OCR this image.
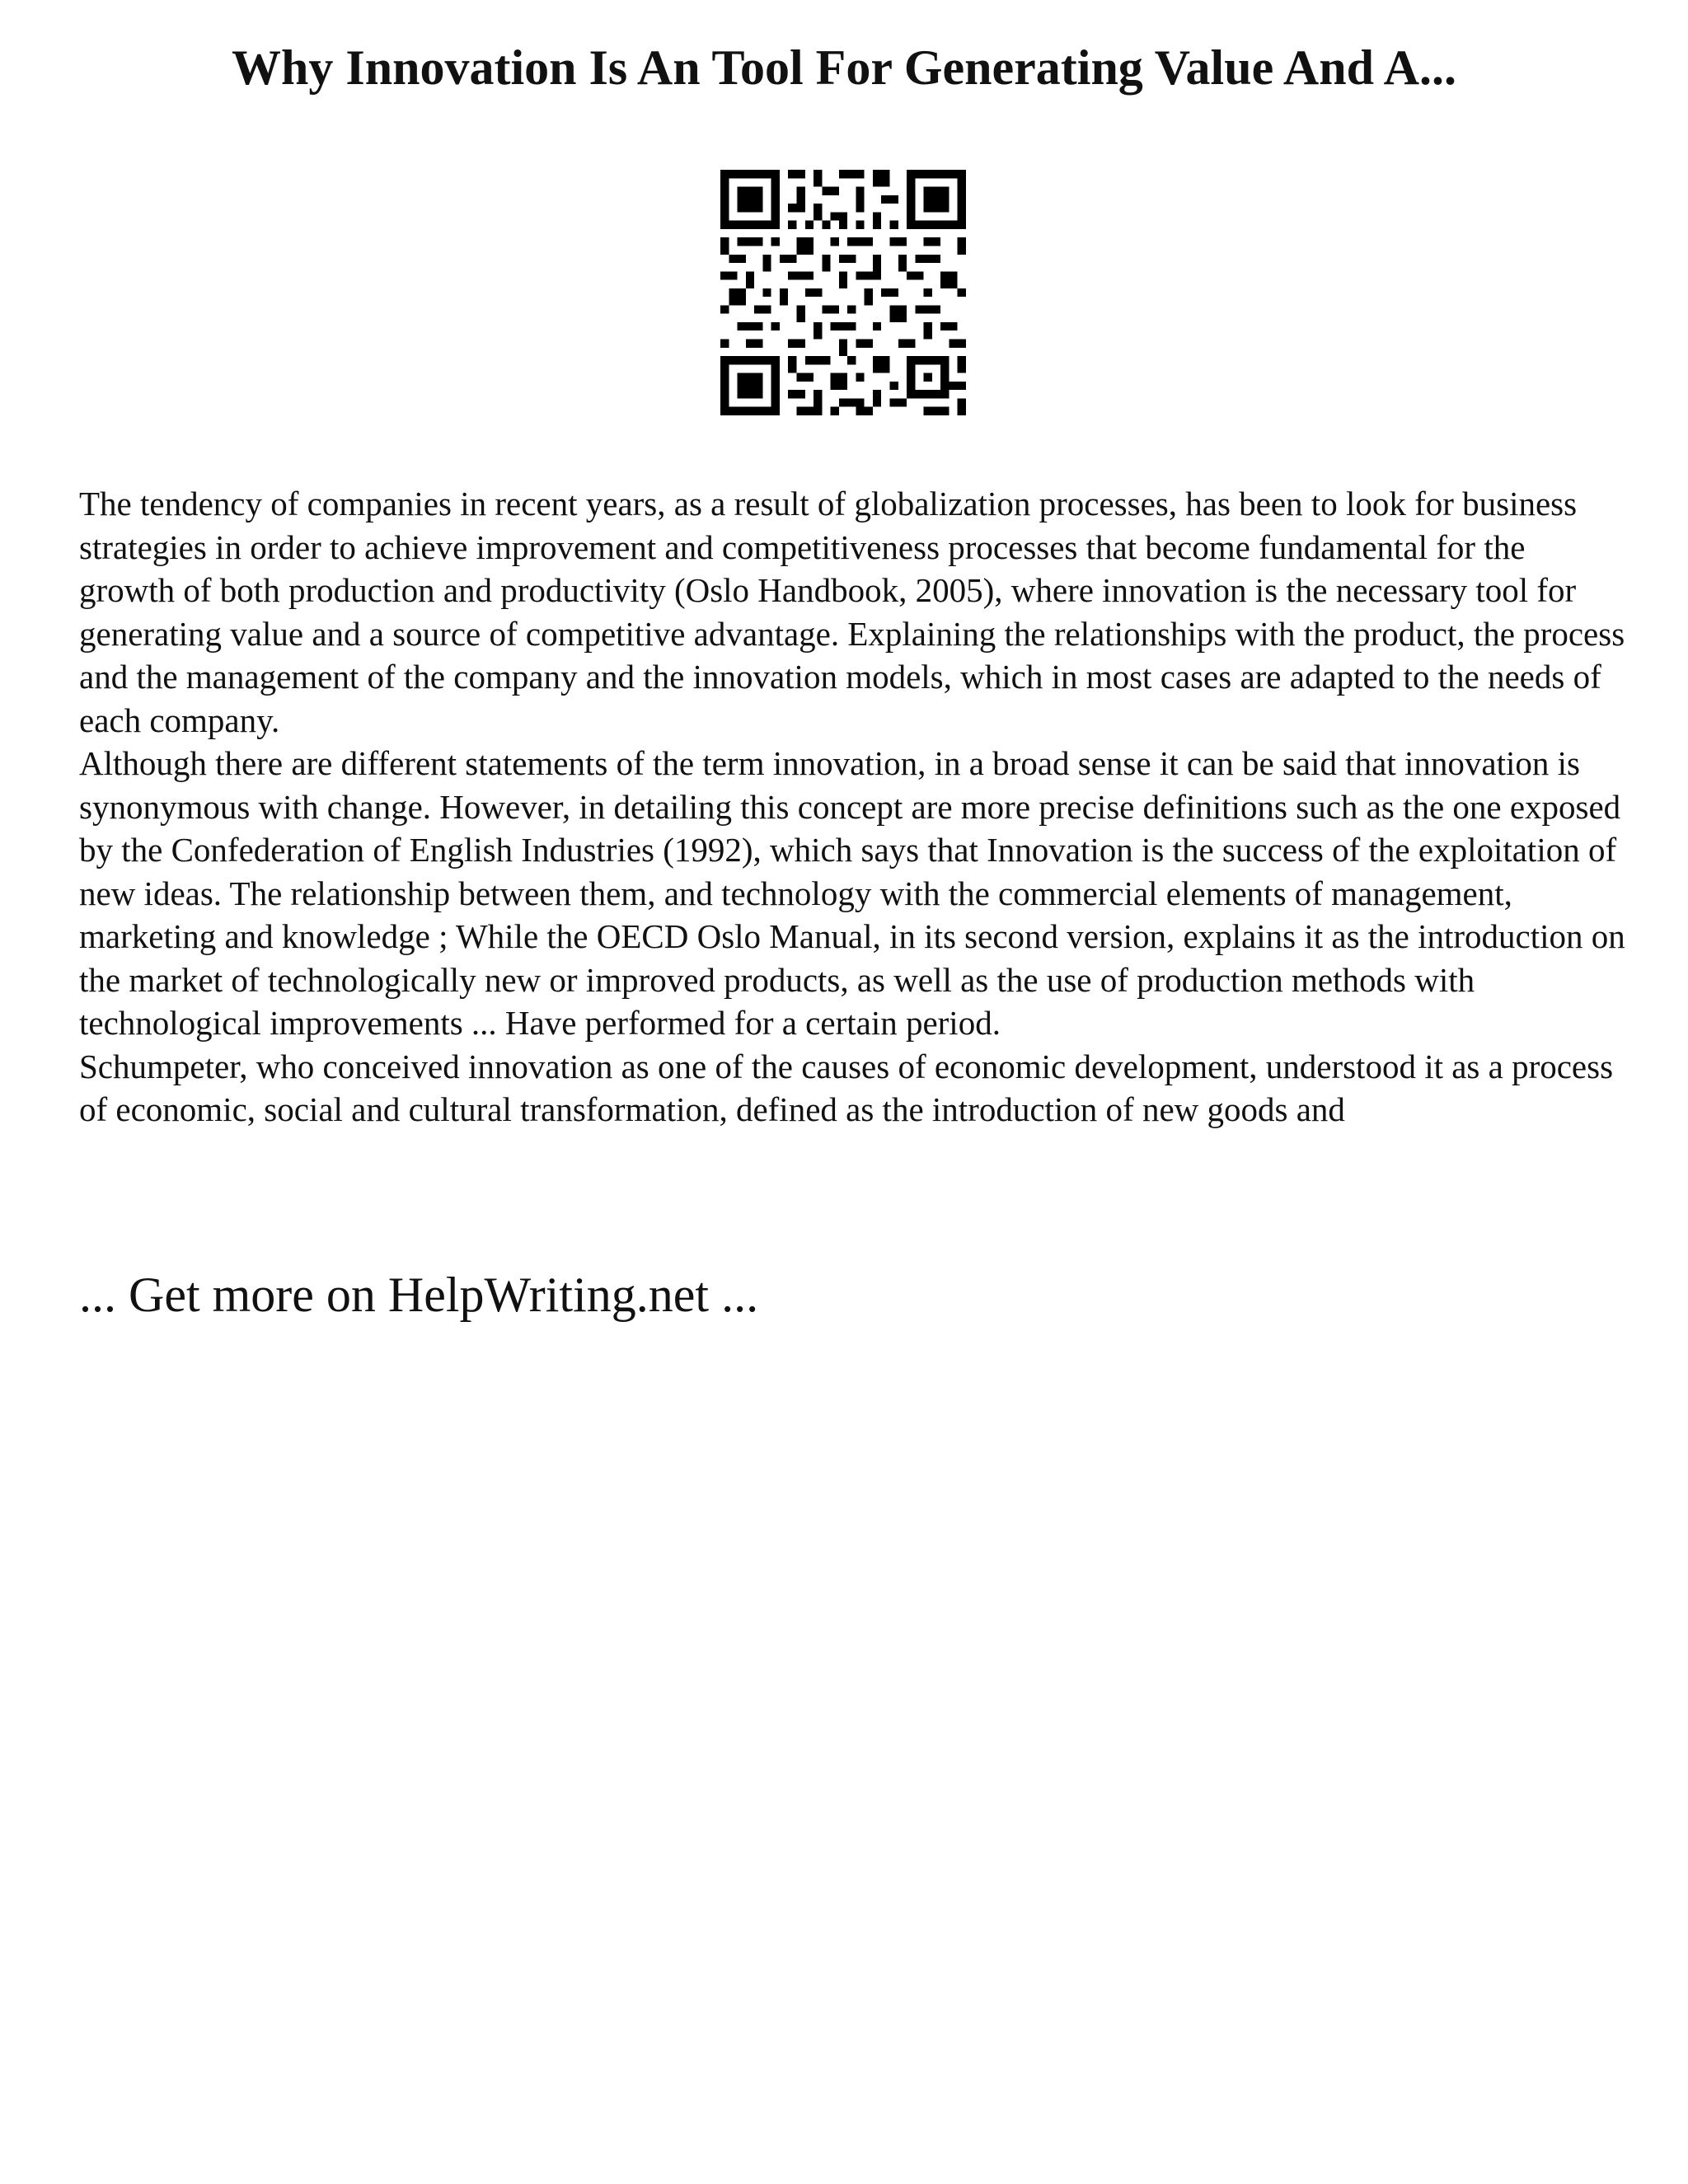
Why Innovation Is An Tool For Generating Value And A...

The tendency of companies in recent years, as a result of globalization processes, has been to look for business strategies in order to achieve improvement and competitiveness processes that become fundamental for the growth of both production and productivity (Oslo Handbook, 2005), where innovation is the necessary tool for generating value and a source of competitive advantage. Explaining the relationships with the product, the process and the management of the company and the innovation models, which in most cases are adapted to the needs of each company.

Although there are different statements of the term innovation, in a broad sense it can be said that innovation is synonymous with change. However, in detailing this concept are more precise definitions such as the one exposed by the Confederation of English Industries (1992), which says that Innovation is the success of the exploitation of new ideas. The relationship between them, and technology with the commercial elements of management, marketing and knowledge ; While the OECD Oslo Manual, in its second version, explains it as the introduction on the market of technologically new or improved products, as well as the use of production methods with technological improvements ... Have performed for a certain period.

Schumpeter, who conceived innovation as one of the causes of economic development, understood it as a process of economic, social and cultural transformation, defined as the introduction of new goods and

... Get more on HelpWriting.net ...
